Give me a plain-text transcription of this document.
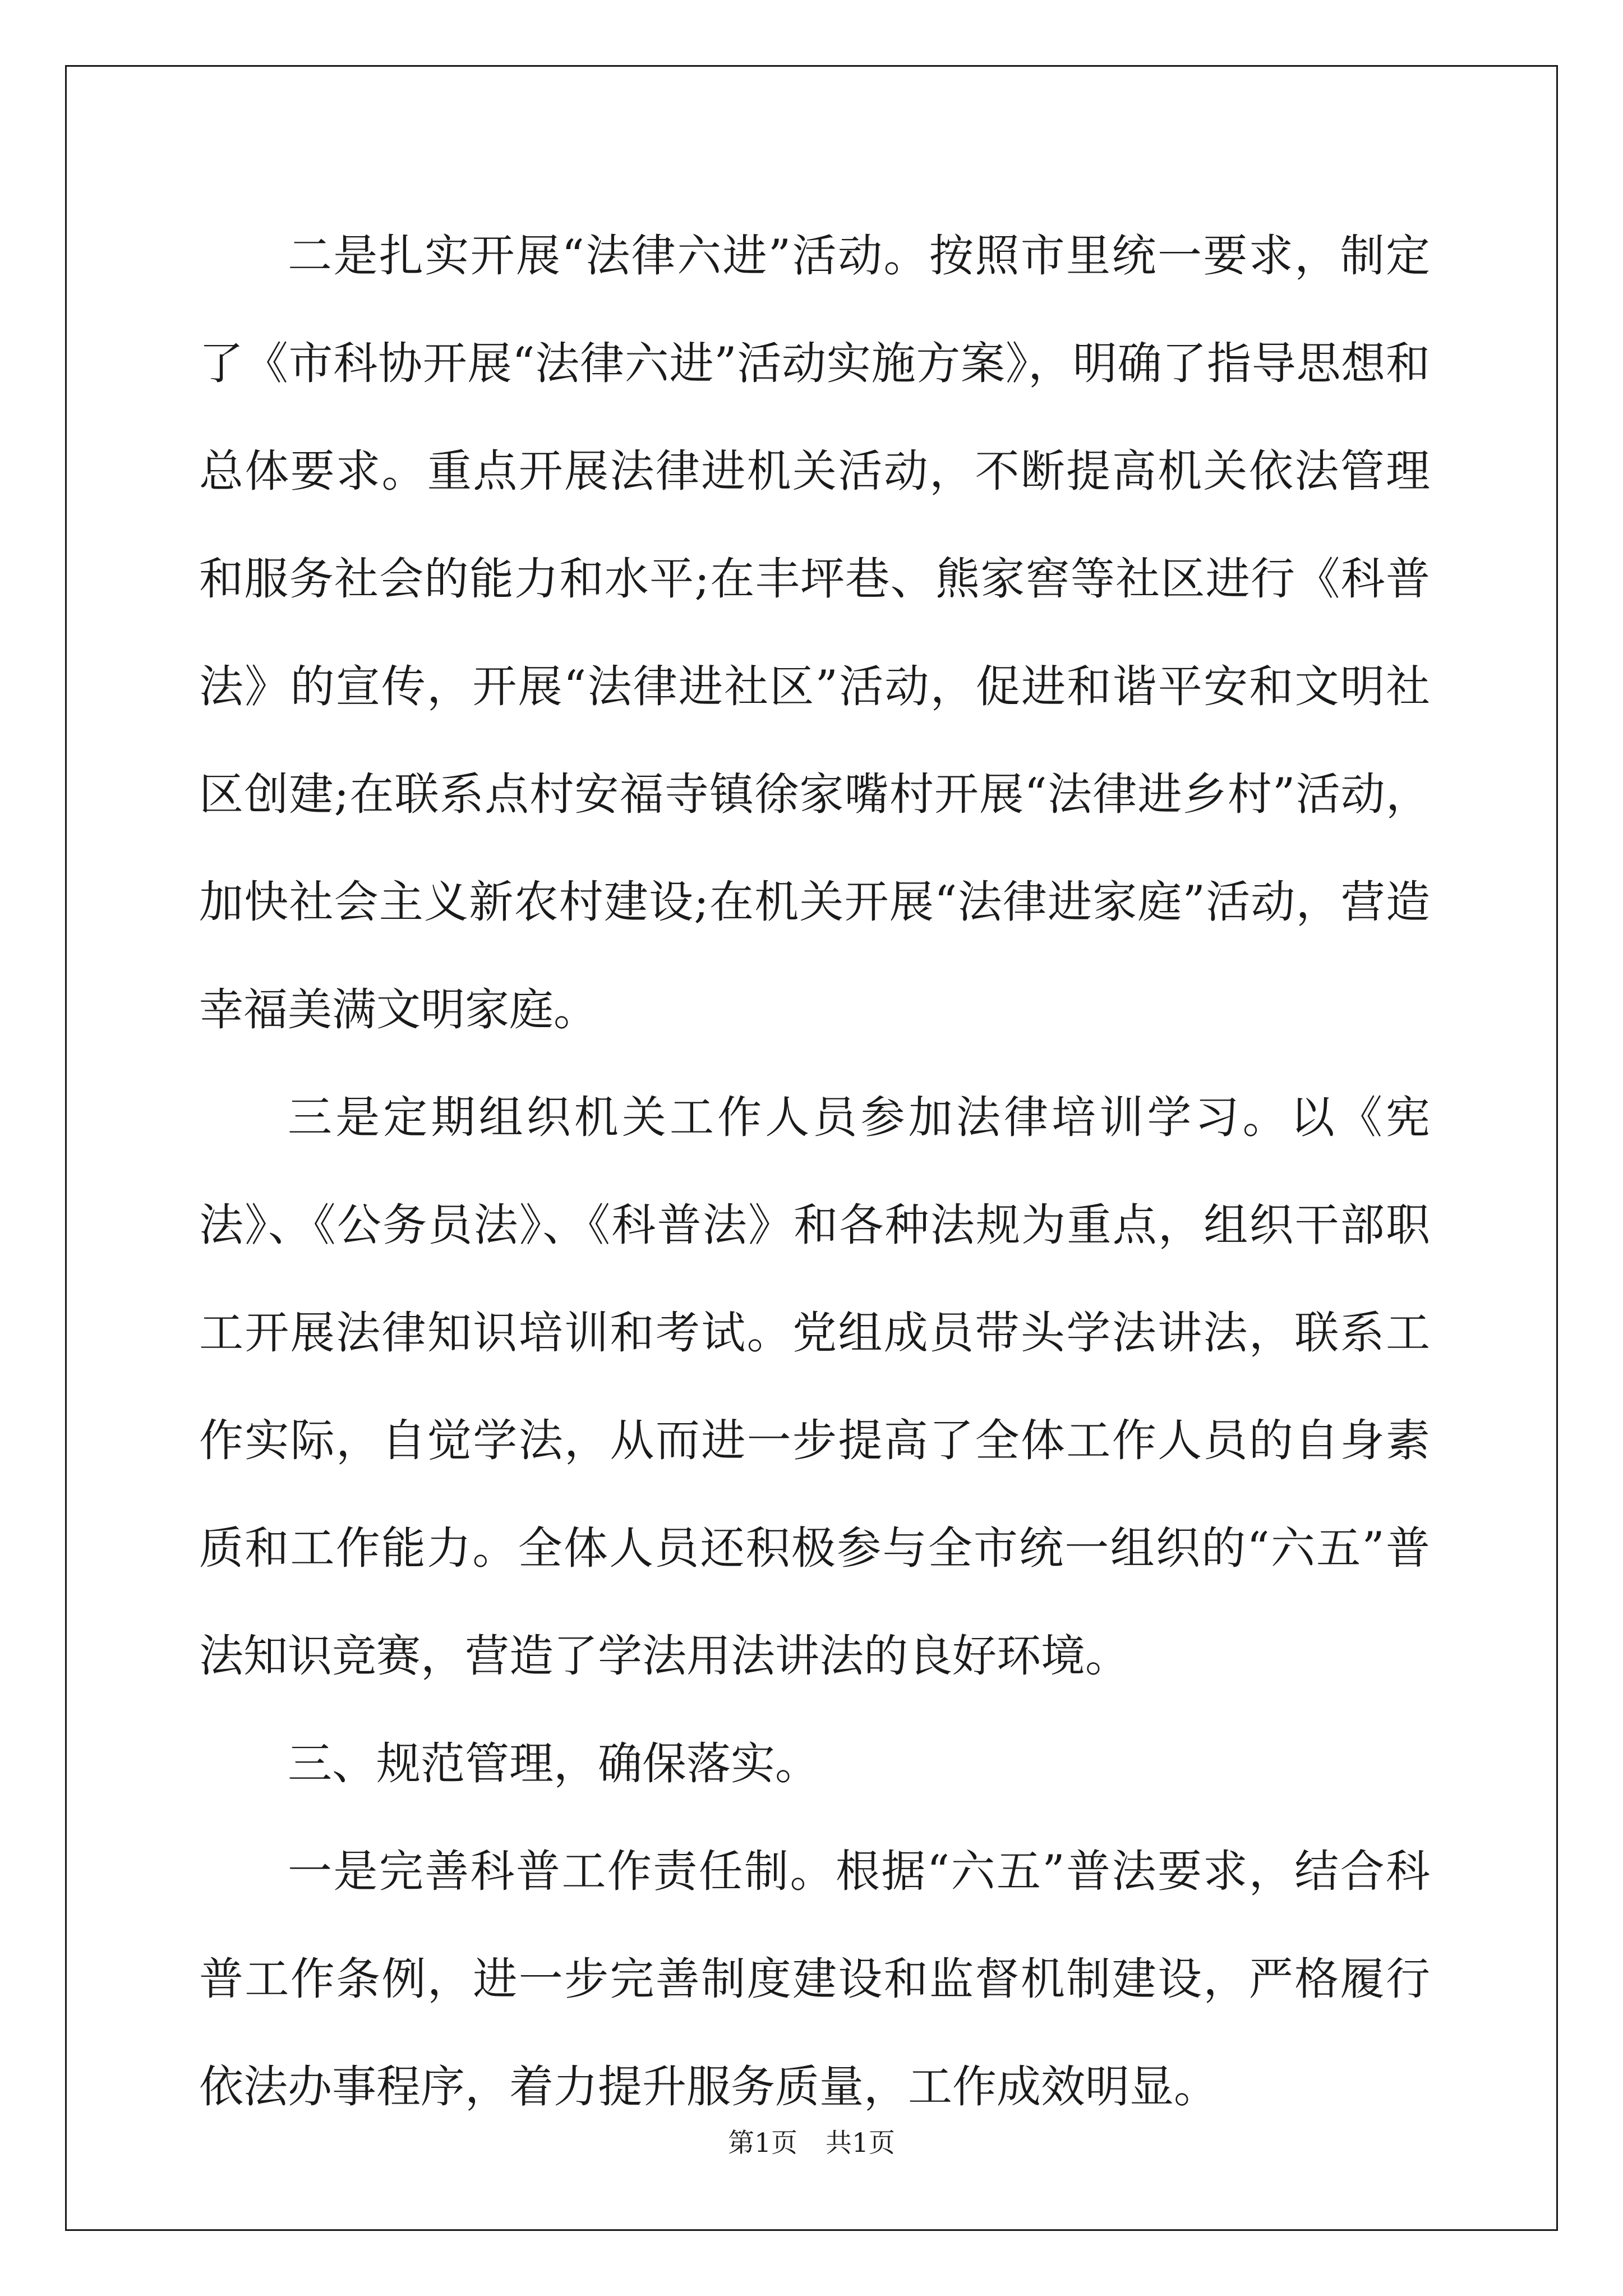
二是扎实开展“法律六进”活动。按照市里统一要求，制定了《市科协开展“法律六进”活动实施方案》，明确了指导思想和总体要求。重点开展法律进机关活动，不断提高机关依法管理和服务社会的能力和水平;在丰坪巷、熊家窖等社区进行《科普法》的宣传，开展“法律进社区”活动，促进和谐平安和文明社区创建;在联系点村安福寺镇徐家嘴村开展“法律进乡村”活动，加快社会主义新农村建设;在机关开展“法律进家庭”活动，营造幸福美满文明家庭。

三是定期组织机关工作人员参加法律培训学习。以《宪法》、《公务员法》、《科普法》和各种法规为重点，组织干部职工开展法律知识培训和考试。党组成员带头学法讲法，联系工作实际，自觉学法，从而进一步提高了全体工作人员的自身素质和工作能力。全体人员还积极参与全市统一组织的“六五”普法知识竞赛，营造了学法用法讲法的良好环境。

三、规范管理，确保落实。

一是完善科普工作责任制。根据“六五”普法要求，结合科普工作条例，进一步完善制度建设和监督机制建设，严格履行依法办事程序，着力提升服务质量，工作成效明显。

第1页 共1页
